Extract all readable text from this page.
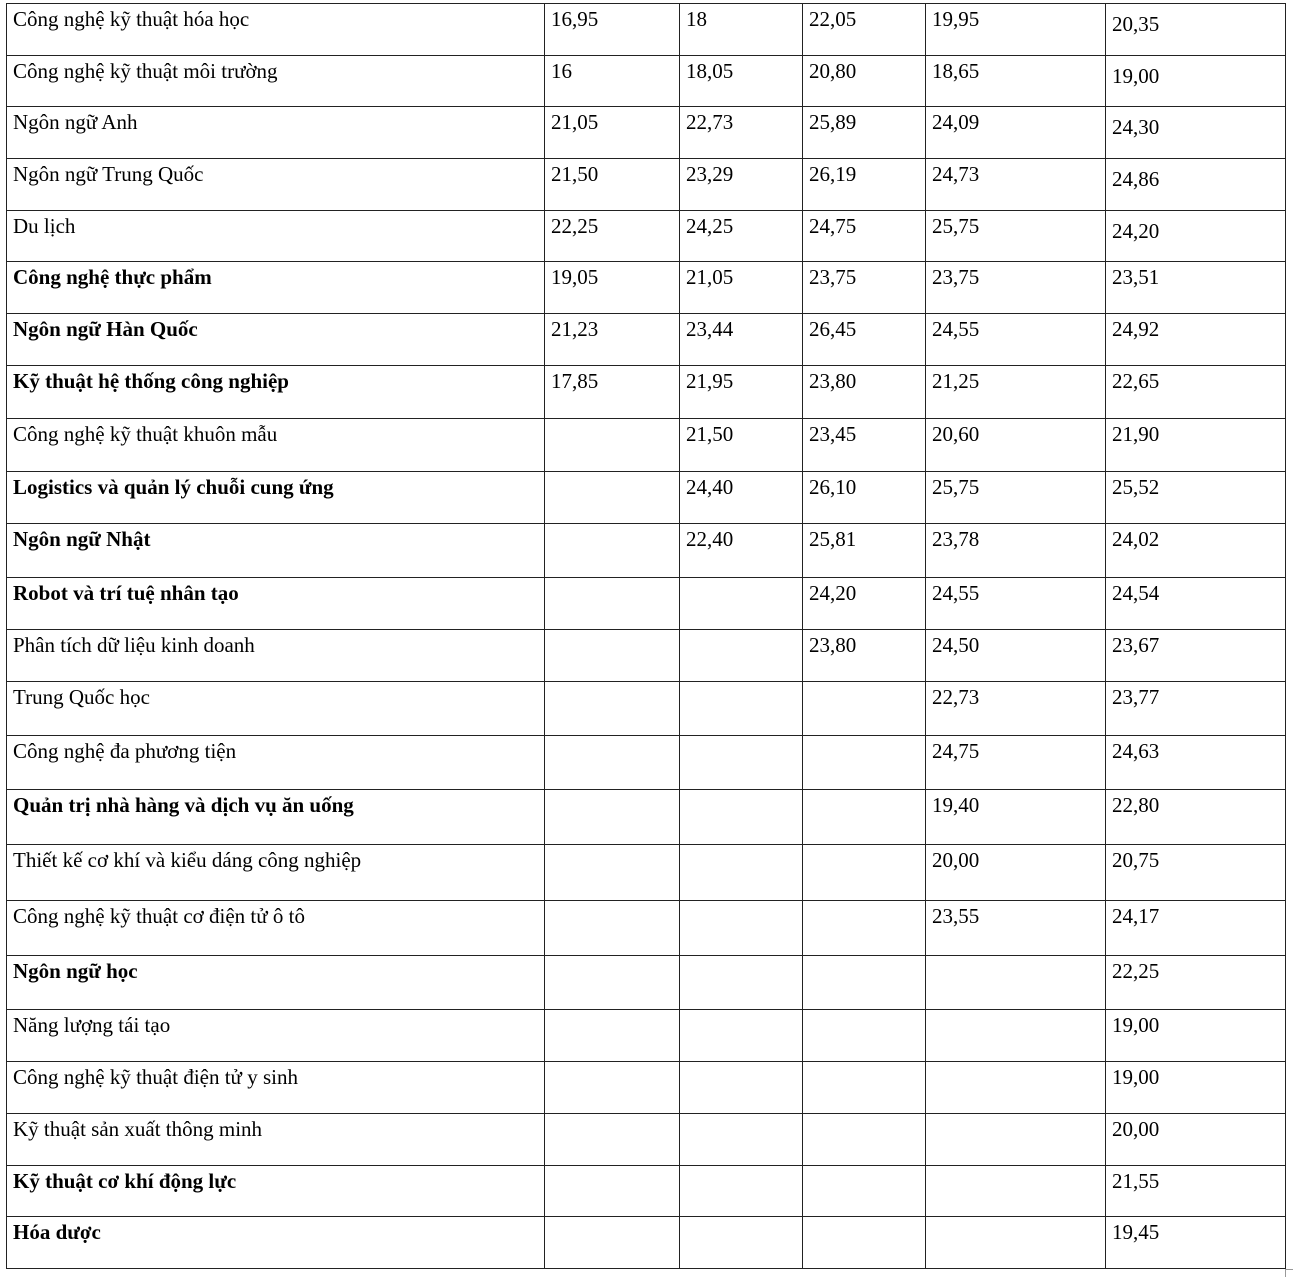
Công nghệ kỹ thuật hóa học	16,95	18	22,05	19,95	20,35
Công nghệ kỹ thuật môi trường	16	18,05	20,80	18,65	19,00
Ngôn ngữ Anh	21,05	22,73	25,89	24,09	24,30
Ngôn ngữ Trung Quốc	21,50	23,29	26,19	24,73	24,86
Du lịch	22,25	24,25	24,75	25,75	24,20
Công nghệ thực phẩm	19,05	21,05	23,75	23,75	23,51
Ngôn ngữ Hàn Quốc	21,23	23,44	26,45	24,55	24,92
Kỹ thuật hệ thống công nghiệp	17,85	21,95	23,80	21,25	22,65
Công nghệ kỹ thuật khuôn mẫu		21,50	23,45	20,60	21,90
Logistics và quản lý chuỗi cung ứng		24,40	26,10	25,75	25,52
Ngôn ngữ Nhật		22,40	25,81	23,78	24,02
Robot và trí tuệ nhân tạo			24,20	24,55	24,54
Phân tích dữ liệu kinh doanh			23,80	24,50	23,67
Trung Quốc học				22,73	23,77
Công nghệ đa phương tiện				24,75	24,63
Quản trị nhà hàng và dịch vụ ăn uống				19,40	22,80
Thiết kế cơ khí và kiểu dáng công nghiệp				20,00	20,75
Công nghệ kỹ thuật cơ điện tử ô tô				23,55	24,17
Ngôn ngữ học					22,25
Năng lượng tái tạo					19,00
Công nghệ kỹ thuật điện tử y sinh					19,00
Kỹ thuật sản xuất thông minh					20,00
Kỹ thuật cơ khí động lực					21,55
Hóa dược					19,45
